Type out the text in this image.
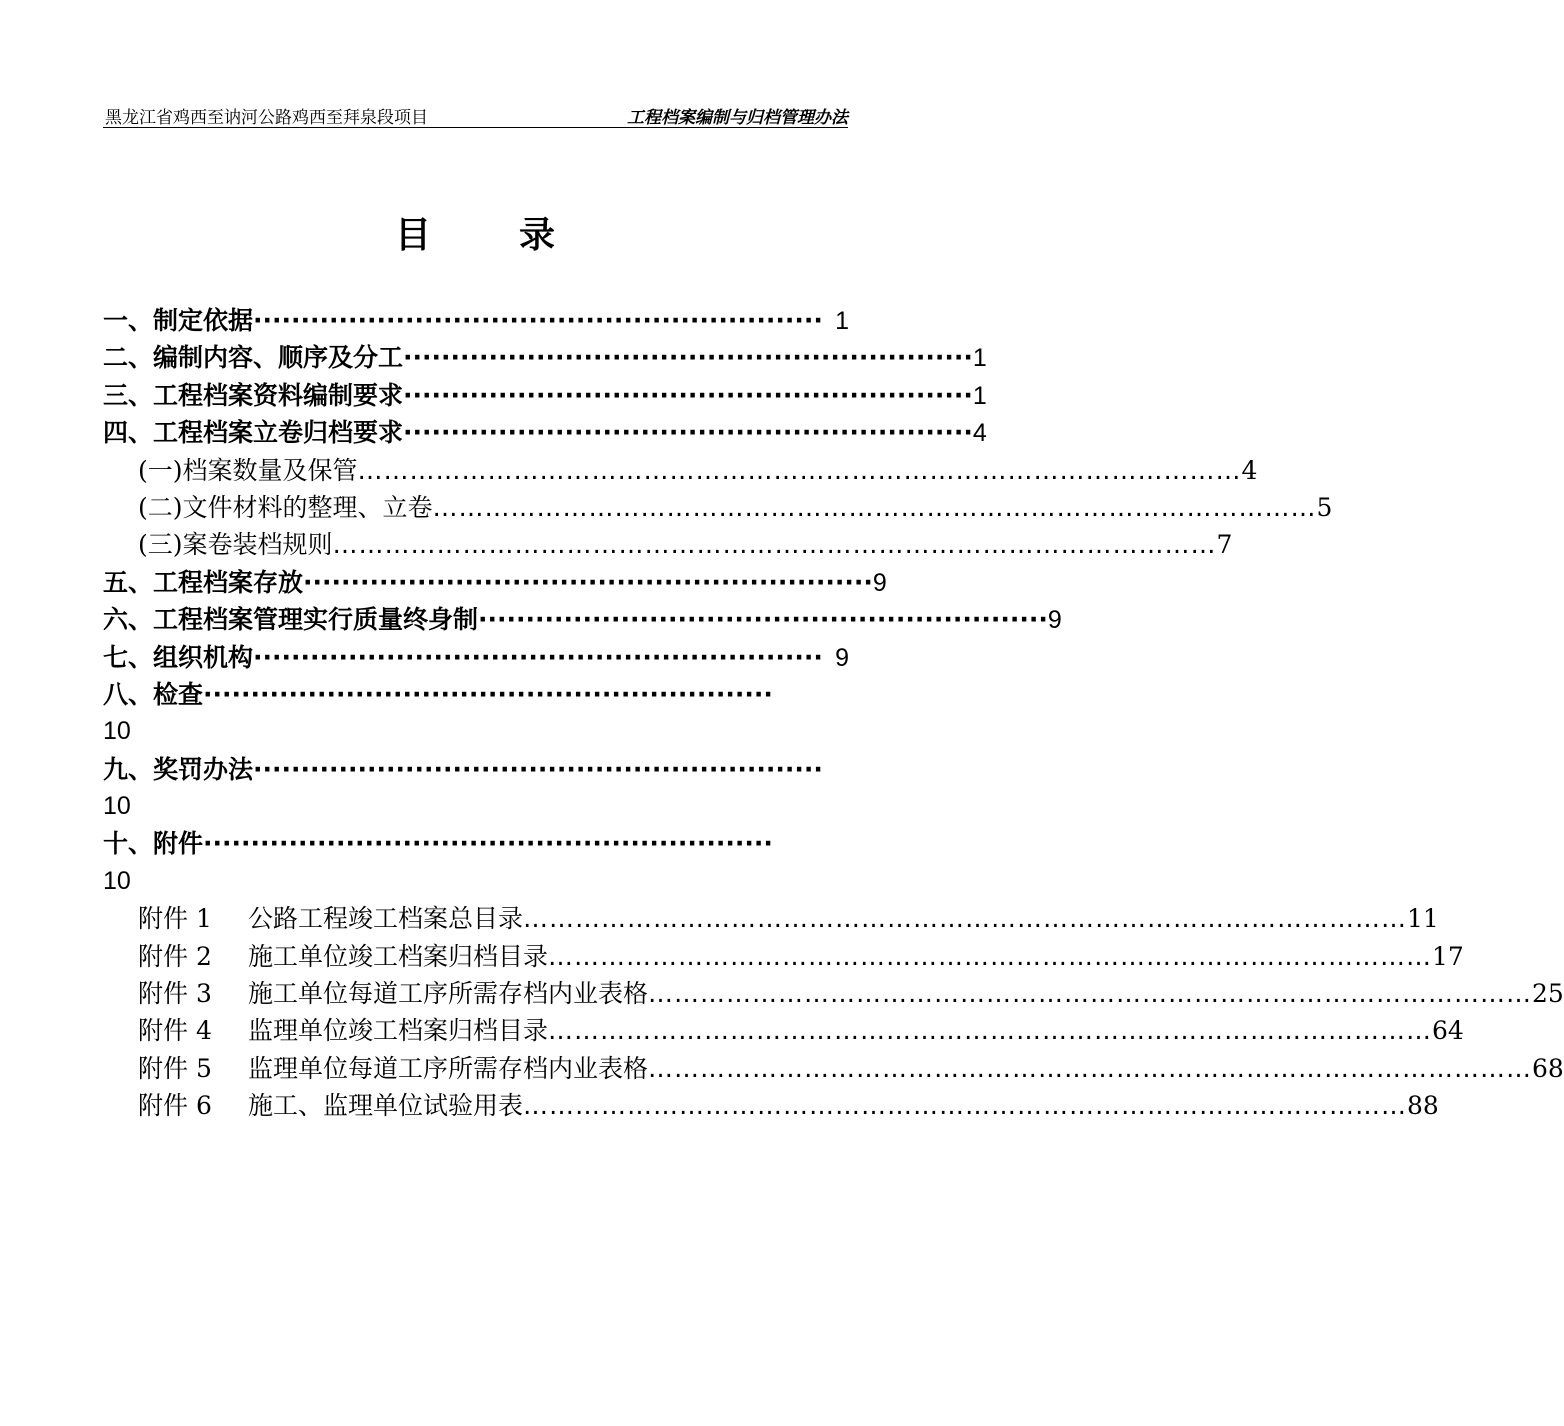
黑龙江省鸡西至讷河公路鸡西至拜泉段项目	工程档案编制与归档管理办法
目录
一、制定依据 ···························································· 1
二、编制内容、顺序及分工 ···························································· 1
三、工程档案资料编制要求 ···························································· 1
四、工程档案立卷归档要求 ···························································· 4
(一)档案数量及保管 ………………………………………………………………………………………… 4
(二)文件材料的整理、立卷 ………………………………………………………………………………………… 5
(三)案卷装档规则 ………………………………………………………………………………………… 7
五、工程档案存放 ···························································· 9
六、工程档案管理实行质量终身制 ···························································· 9
七、组织机构 ···························································· 9
八、检查 ····························································
10
九、奖罚办法 ····························································
10
十、附件 ····························································
10
附件 1	公路工程竣工档案总目录 ………………………………………………………………………………………… 11
附件 2	施工单位竣工档案归档目录 ………………………………………………………………………………………… 17
附件 3	施工单位每道工序所需存档内业表格 ………………………………………………………………………………………… 25
附件 4	监理单位竣工档案归档目录 ………………………………………………………………………………………… 64
附件 5	监理单位每道工序所需存档内业表格 ………………………………………………………………………………………… 68
附件 6	施工、监理单位试验用表 ………………………………………………………………………………………… 88
